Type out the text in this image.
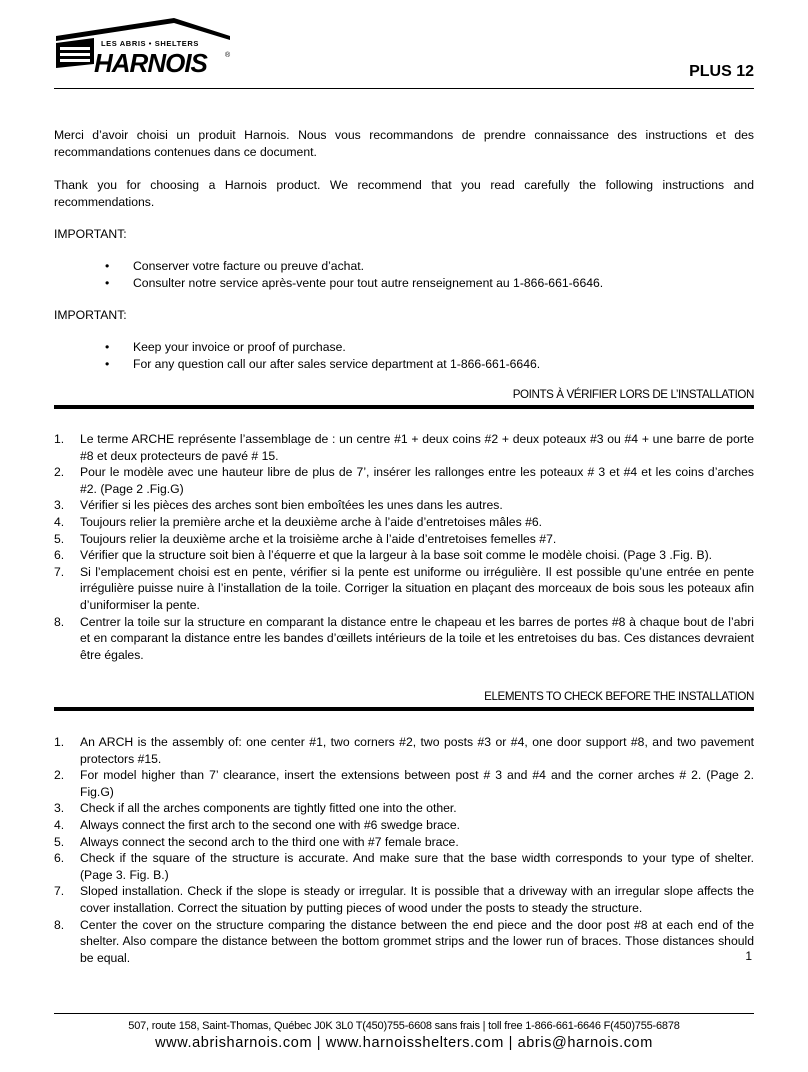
LES ABRIS • SHELTERS
HARNOIS	®
PLUS 12

Merci d’avoir choisi un produit Harnois. Nous vous recommandons de prendre connaissance des instructions et des recommandations contenues dans ce document.

Thank you for choosing a Harnois product. We recommend that you read carefully the following instructions and recommendations.

IMPORTANT:
• Conserver votre facture ou preuve d’achat.
• Consulter notre service après-vente pour tout autre renseignement au 1-866-661-6646.
IMPORTANT:
• Keep your invoice or proof of purchase.
• For any question call our after sales service department at 1-866-661-6646.
POINTS À VÉRIFIER LORS DE L’INSTALLATION
1. Le terme ARCHE représente l’assemblage de : un centre #1 + deux coins #2 + deux poteaux #3 ou #4 + une barre de porte #8 et deux protecteurs de pavé # 15.
2. Pour le modèle avec une hauteur libre de plus de 7’, insérer les rallonges entre les poteaux # 3 et #4 et les coins d’arches #2. (Page 2 .Fig.G)
3. Vérifier si les pièces des arches sont bien emboîtées les unes dans les autres.
4. Toujours relier la première arche et la deuxième arche à l’aide d’entretoises mâles #6.
5. Toujours relier la deuxième arche et la troisième arche à l’aide d’entretoises femelles #7.
6. Vérifier que la structure soit bien à l’équerre et que la largeur à la base soit comme le modèle choisi. (Page 3 .Fig. B).
7. Si l’emplacement choisi est en pente, vérifier si la pente est uniforme ou irrégulière. Il est possible qu’une entrée en pente irrégulière puisse nuire à l’installation de la toile. Corriger la situation en plaçant des morceaux de bois sous les poteaux afin d’uniformiser la pente.
8. Centrer la toile sur la structure en comparant la distance entre le chapeau et les barres de portes #8 à chaque bout de l’abri et en comparant la distance entre les bandes d’œillets intérieurs de la toile et les entretoises du bas. Ces distances devraient être égales.
ELEMENTS TO CHECK BEFORE THE INSTALLATION
1. An ARCH is the assembly of: one center #1, two corners #2, two posts #3 or #4, one door support #8, and two pavement protectors #15.
2. For model higher than 7’ clearance, insert the extensions between post # 3 and #4 and the corner arches # 2. (Page 2. Fig.G)
3. Check if all the arches components are tightly fitted one into the other.
4. Always connect the first arch to the second one with #6 swedge brace.
5. Always connect the second arch to the third one with #7 female brace.
6. Check if the square of the structure is accurate. And make sure that the base width corresponds to your type of shelter. (Page 3. Fig. B.)
7. Sloped installation. Check if the slope is steady or irregular. It is possible that a driveway with an irregular slope affects the cover installation. Correct the situation by putting pieces of wood under the posts to steady the structure.
8. Center the cover on the structure comparing the distance between the end piece and the door post #8 at each end of the shelter. Also compare the distance between the bottom grommet strips and the lower run of braces. Those distances should be equal.	1
507, route 158, Saint-Thomas, Québec J0K 3L0 T(450)755-6608 sans frais | toll free 1-866-661-6646 F(450)755-6878
www.abrisharnois.com | www.harnoisshelters.com | abris@harnois.com
